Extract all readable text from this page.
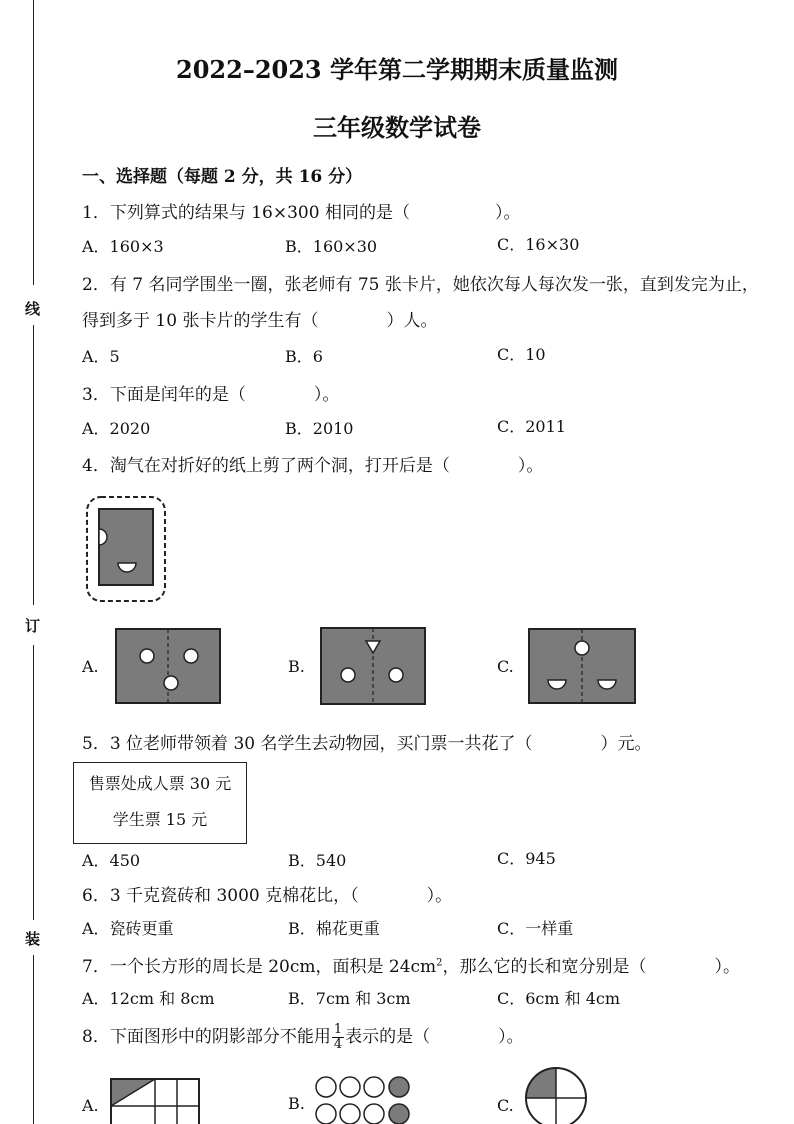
线
订
装
2022–2023 学年第二学期期末质量监测
三年级数学试卷
一、选择题（每题 2 分，共 16 分）
1．下列算式的结果与 16×300 相同的是（　　　　　）。
A．160×3	B．160×30	C．16×30
2．有 7 名同学围坐一圈，张老师有 75 张卡片，她依次每人每次发一张，直到发完为止，
得到多于 10 张卡片的学生有（　　　　）人。
A．5	B．6	C．10
3．下面是闰年的是（　　　　）。
A．2020	B．2010	C．2011
4．淘气在对折好的纸上剪了两个洞，打开后是（　　　　）。
A.	B.	C.
5．3 位老师带领着 30 名学生去动物园，买门票一共花了（　　　　）元。
售票处成人票 30 元
学生票 15 元
A．450	B．540	C．945
6．3 千克瓷砖和 3000 克棉花比，（　　　　）。
A．瓷砖更重	B．棉花更重	C．一样重
7．一个长方形的周长是 20cm，面积是 $24cm^2$，那么它的长和宽分别是（　　　　）。
A．12cm 和 8cm	B．7cm 和 3cm	C．6cm 和 4cm
8．下面图形中的阴影部分不能用 $\frac{1}{4}$ 表示的是（　　　　）。
A.	B.	C.
